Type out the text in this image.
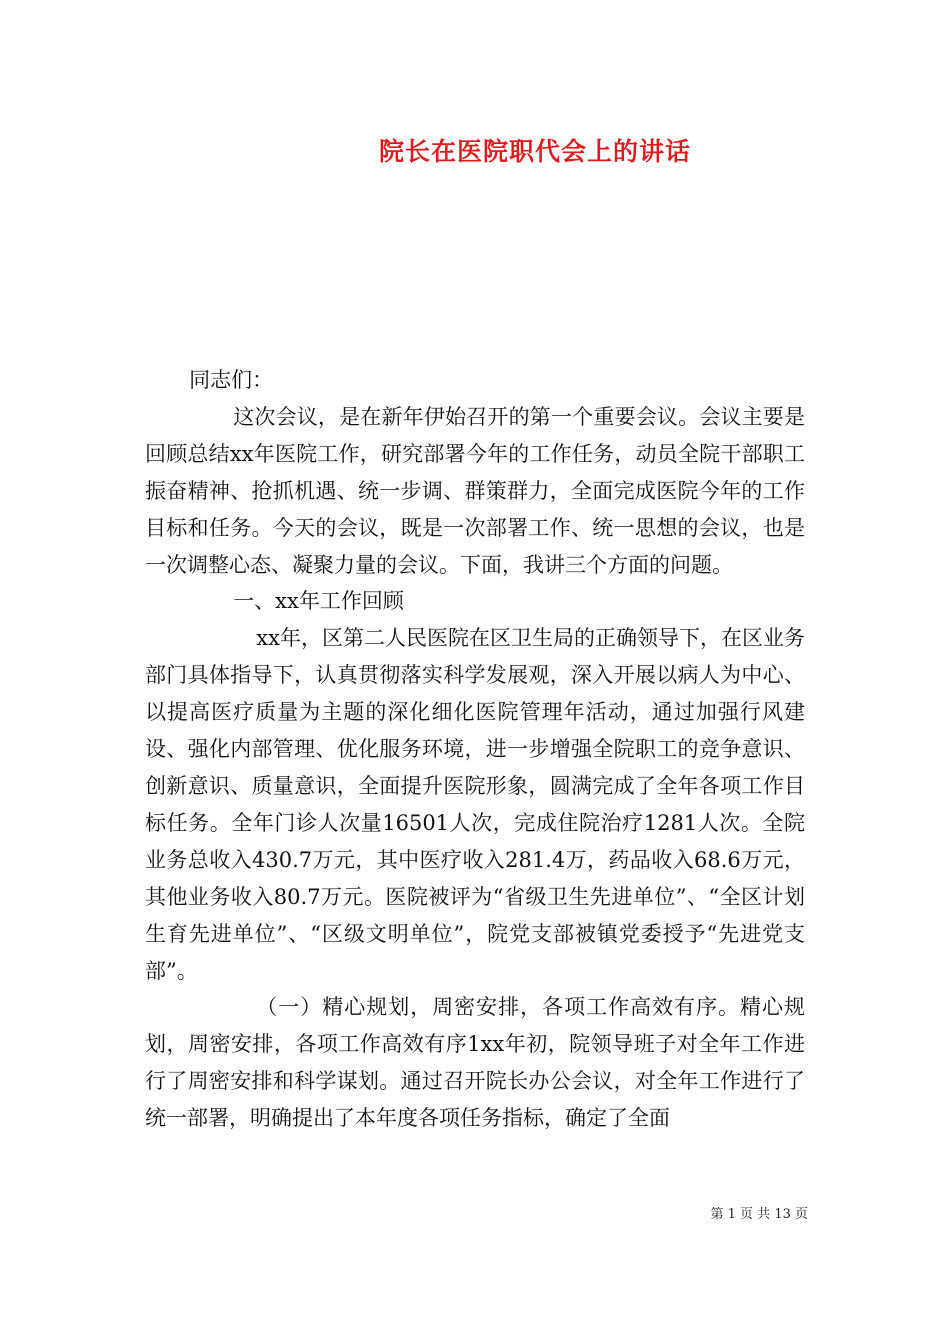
院长在医院职代会上的讲话

同志们：

这次会议，是在新年伊始召开的第一个重要会议。会议主要是回顾总结xx年医院工作，研究部署今年的工作任务，动员全院干部职工振奋精神、抢抓机遇、统一步调、群策群力，全面完成医院今年的工作目标和任务。今天的会议，既是一次部署工作、统一思想的会议，也是一次调整心态、凝聚力量的会议。下面，我讲三个方面的问题。

一、xx年工作回顾

xx年，区第二人民医院在区卫生局的正确领导下，在区业务部门具体指导下，认真贯彻落实科学发展观，深入开展以病人为中心、以提高医疗质量为主题的深化细化医院管理年活动，通过加强行风建设、强化内部管理、优化服务环境，进一步增强全院职工的竞争意识、创新意识、质量意识，全面提升医院形象，圆满完成了全年各项工作目标任务。全年门诊人次量16501人次，完成住院治疗1281人次。全院业务总收入430.7万元，其中医疗收入281.4万，药品收入68.6万元，其他业务收入80.7万元。医院被评为“省级卫生先进单位”、“全区计划生育先进单位”、“区级文明单位”，院党支部被镇党委授予“先进党支部”。

（一）精心规划，周密安排，各项工作高效有序。精心规划，周密安排，各项工作高效有序1xx年初，院领导班子对全年工作进行了周密安排和科学谋划。通过召开院长办公会议，对全年工作进行了统一部署，明确提出了本年度各项任务指标，确定了全面

第 1 页 共 13 页
